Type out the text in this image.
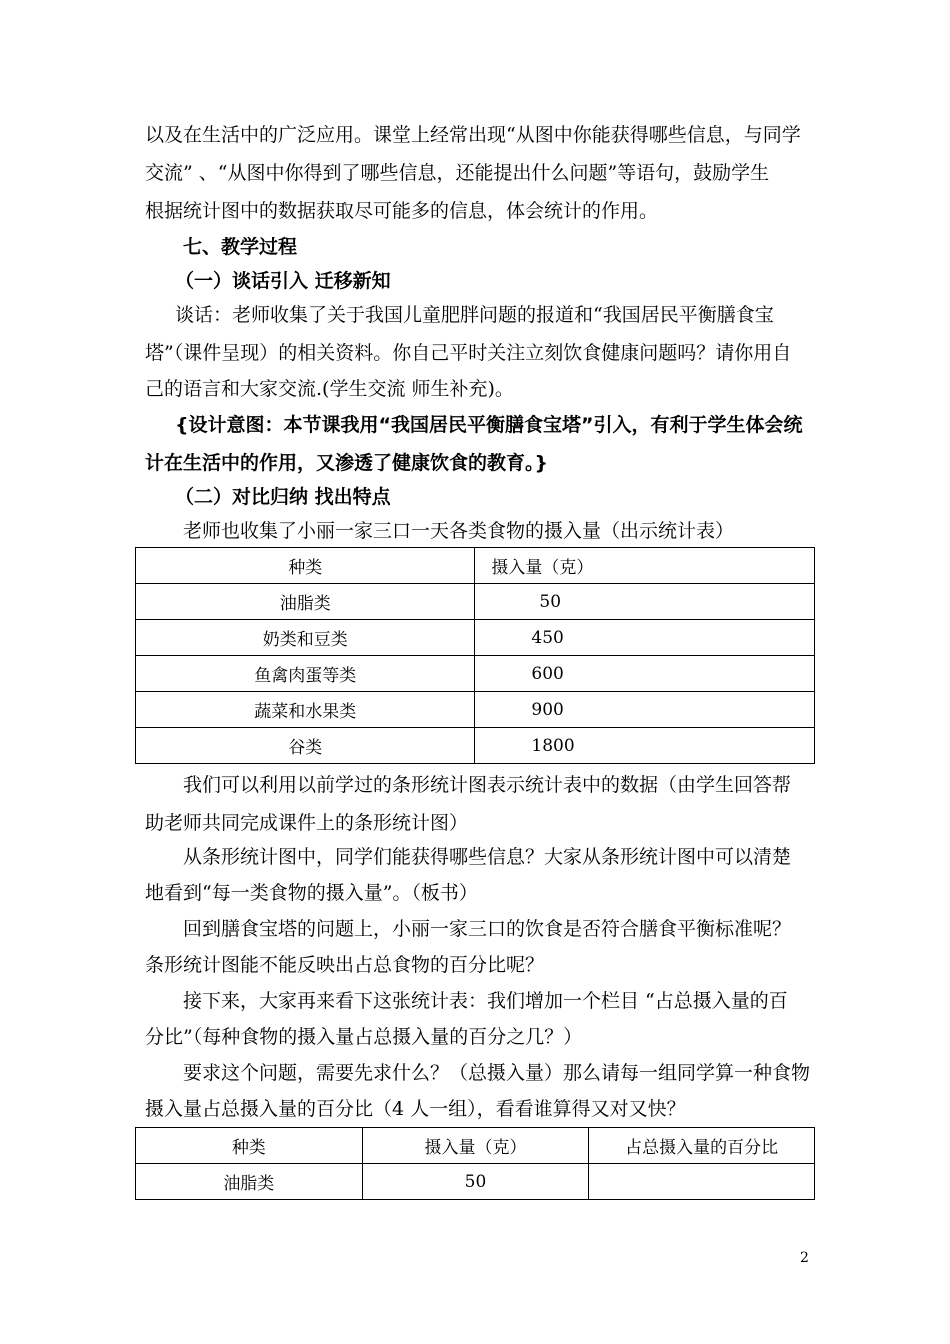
以及在生活中的广泛应用。课堂上经常出现“从图中你能获得哪些信息，与同学
交流” 、“从图中你得到了哪些信息，还能提出什么问题”等语句，鼓励学生
根据统计图中的数据获取尽可能多的信息，体会统计的作用。
七、教学过程
（一）谈话引入 迁移新知
谈话：老师收集了关于我国儿童肥胖问题的报道和“我国居民平衡膳食宝
塔”（课件呈现）的相关资料。你自己平时关注立刻饮食健康问题吗？请你用自
己的语言和大家交流.(学生交流 师生补充)。
{设计意图：本节课我用“我国居民平衡膳食宝塔”引入，有利于学生体会统
计在生活中的作用，又渗透了健康饮食的教育。}
（二）对比归纳 找出特点
老师也收集了小丽一家三口一天各类食物的摄入量（出示统计表）
种类	摄入量（克）
油脂类	50
奶类和豆类	450
鱼禽肉蛋等类	600
蔬菜和水果类	900
谷类	1800
我们可以利用以前学过的条形统计图表示统计表中的数据（由学生回答帮
助老师共同完成课件上的条形统计图）
从条形统计图中，同学们能获得哪些信息？大家从条形统计图中可以清楚
地看到“每一类食物的摄入量”。（板书）
回到膳食宝塔的问题上，小丽一家三口的饮食是否符合膳食平衡标准呢？
条形统计图能不能反映出占总食物的百分比呢？
接下来，大家再来看下这张统计表：我们增加一个栏目 “占总摄入量的百
分比”（每种食物的摄入量占总摄入量的百分之几？）
要求这个问题，需要先求什么？（总摄入量）那么请每一组同学算一种食物
摄入量占总摄入量的百分比（4 人一组），看看谁算得又对又快？
种类	摄入量（克）	占总摄入量的百分比
油脂类	50	
2
